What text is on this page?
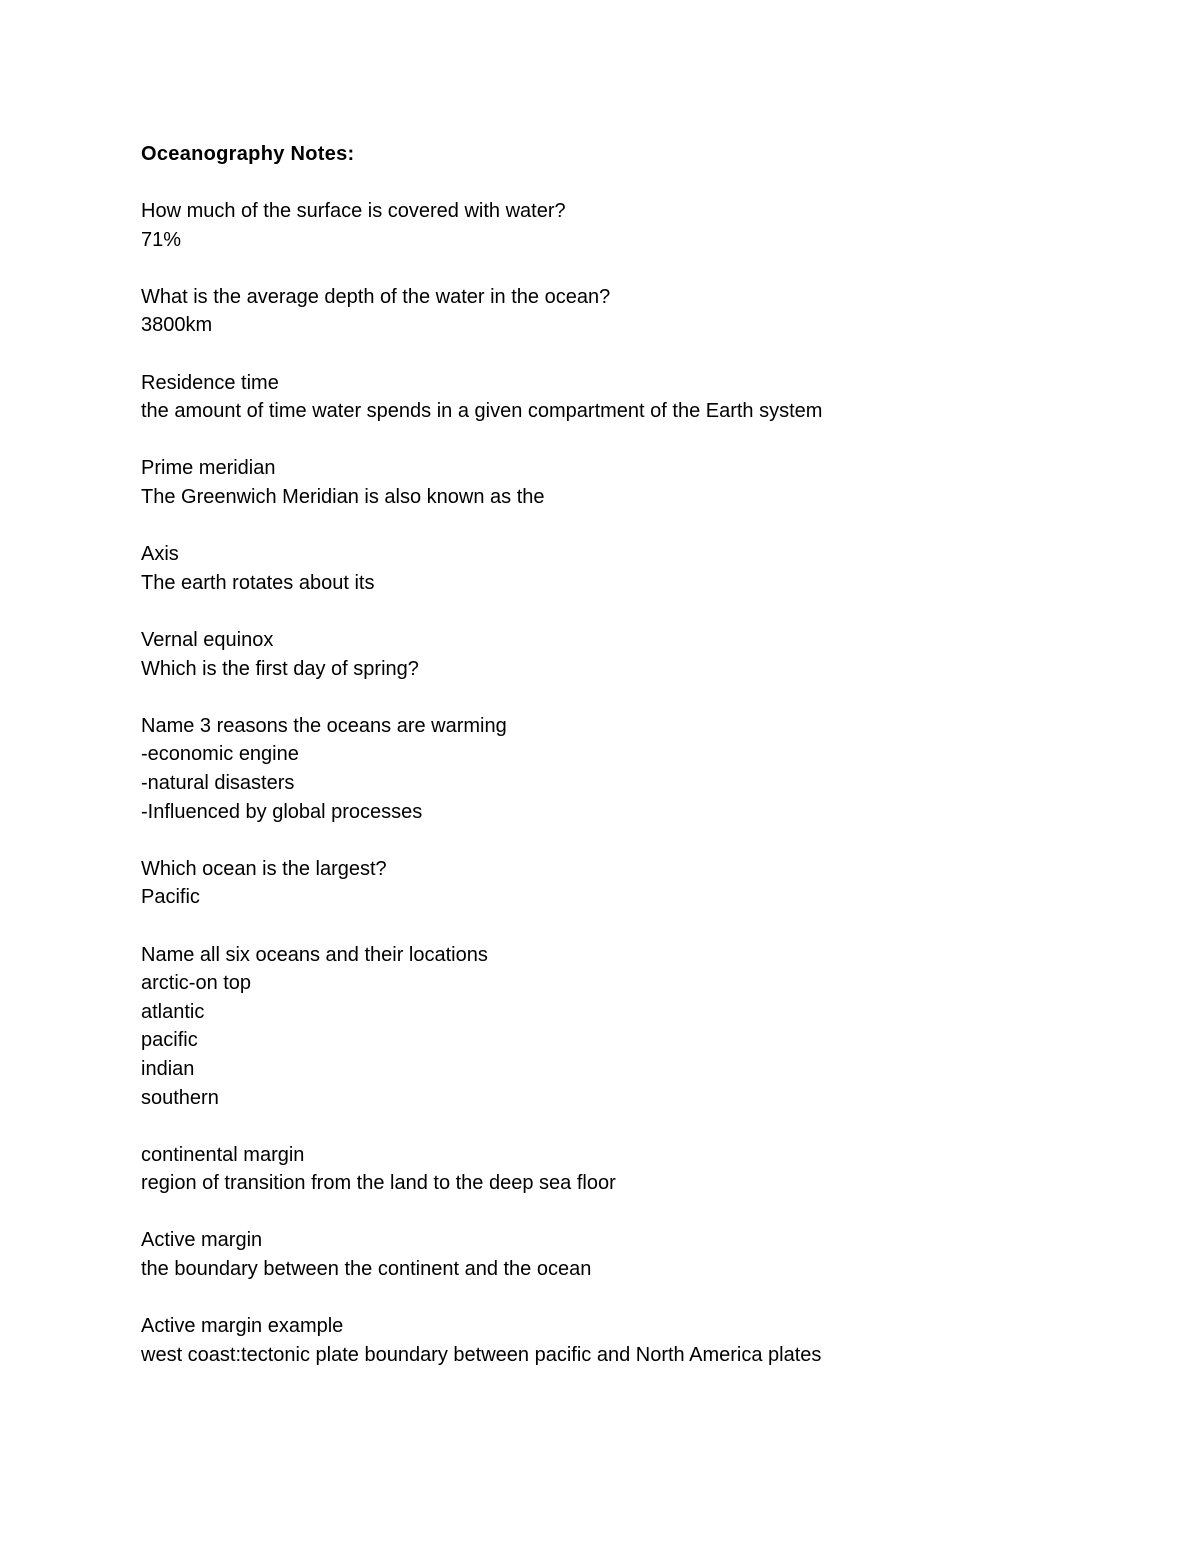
Oceanography Notes:

How much of the surface is covered with water?

71%

What is the average depth of the water in the ocean?

3800km

Residence time

the amount of time water spends in a given compartment of the Earth system

Prime meridian

The Greenwich Meridian is also known as the

Axis

The earth rotates about its

Vernal equinox

Which is the first day of spring?

Name 3 reasons the oceans are warming

-economic engine

-natural disasters

-Influenced by global processes

Which ocean is the largest?

Pacific

Name all six oceans and their locations

arctic-on top

atlantic

pacific

indian

southern

continental margin

region of transition from the land to the deep sea floor

Active margin

the boundary between the continent and the ocean

Active margin example

west coast:tectonic plate boundary between pacific and North America plates
